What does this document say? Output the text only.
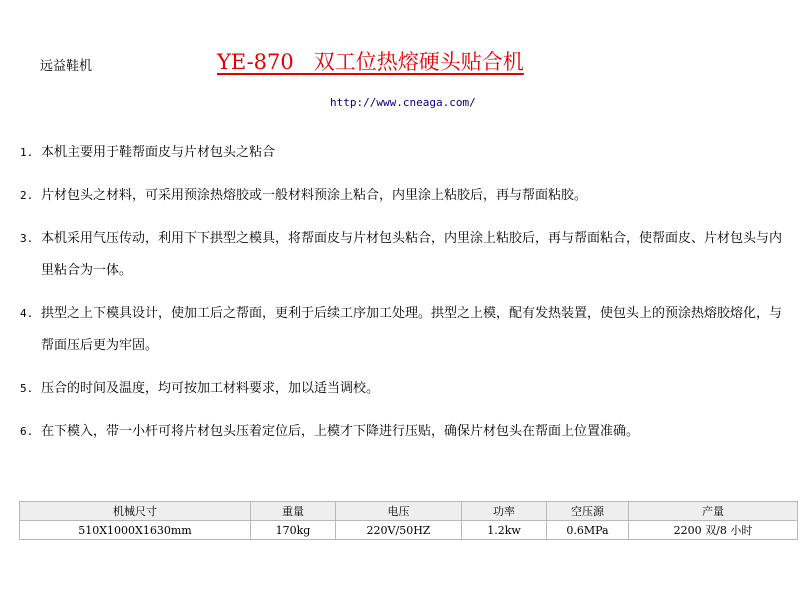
远益鞋机	YE-870   双工位热熔硬头贴合机
http://www.cneaga.com/
1. 本机主要用于鞋帮面皮与片材包头之粘合
2. 片材包头之材料，可采用预涂热熔胶或一般材料预涂上粘合，内里涂上粘胶后，再与帮面粘胶。
3. 本机采用气压传动，利用下下拱型之模具，将帮面皮与片材包头粘合，内里涂上粘胶后，再与帮面粘合，使帮面皮、片材包头与内里粘合为一体。
4. 拱型之上下模具设计，使加工后之帮面，更利于后续工序加工处理。拱型之上模，配有发热装置，使包头上的预涂热熔胶熔化，与帮面压后更为牢固。
5. 压合的时间及温度，均可按加工材料要求，加以适当调校。
6. 在下模入，带一小杆可将片材包头压着定位后，上模才下降进行压贴，确保片材包头在帮面上位置准确。
机械尺寸	重量	电压	功率	空压源	产量
510X1000X1630mm	170kg	220V/50HZ	1.2kw	0.6MPa	2200 双/8 小时
